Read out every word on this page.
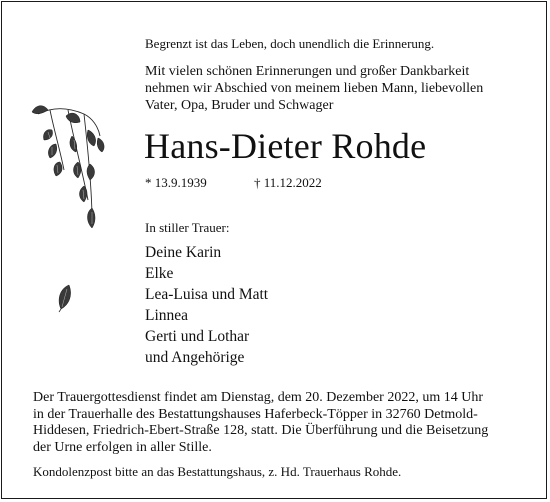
Begrenzt ist das Leben, doch unendlich die Erinnerung.

Mit vielen schönen Erinnerungen und großer Dankbarkeit
nehmen wir Abschied von meinem lieben Mann, liebevollen
Vater, Opa, Bruder und Schwager
Hans-Dieter Rohde
* 13.9.1939	† 11.12.2022

In stiller Trauer:

Deine Karin
Elke
Lea-Luisa und Matt
Linnea
Gerti und Lothar
und Angehörige
Der Trauergottesdienst findet am Dienstag, dem 20. Dezember 2022, um 14 Uhr
in der Trauerhalle des Bestattungshauses Haferbeck-Töpper in 32760 Detmold-
Hiddesen, Friedrich-Ebert-Straße 128, statt. Die Überführung und die Beisetzung
der Urne erfolgen in aller Stille.

Kondolenzpost bitte an das Bestattungshaus, z. Hd. Trauerhaus Rohde.
